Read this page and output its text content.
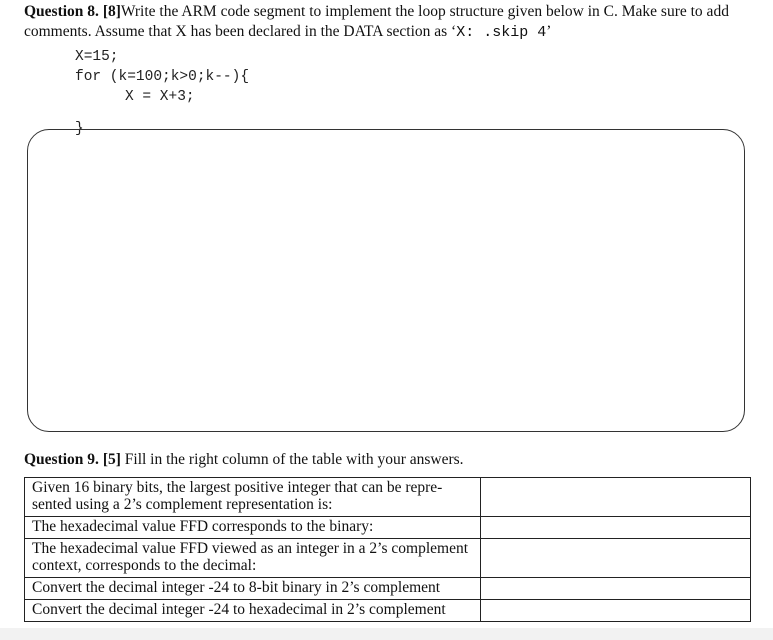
Question 8. [8]Write the ARM code segment to implement the loop structure given below in C. Make sure to add comments. Assume that X has been declared in the DATA section as ‘X: .skip 4’
X=15;
for (k=100;k>0;k--){
X = X+3;
}
Question 9. [5] Fill in the right column of the table with your answers.
Given 16 binary bits, the largest positive integer that can be repre- sented using a 2’s complement representation is:	
The hexadecimal value FFD corresponds to the binary:	
The hexadecimal value FFD viewed as an integer in a 2’s complement context, corresponds to the decimal:	
Convert the decimal integer -24 to 8-bit binary in 2’s complement	
Convert the decimal integer -24 to hexadecimal in 2’s complement	
